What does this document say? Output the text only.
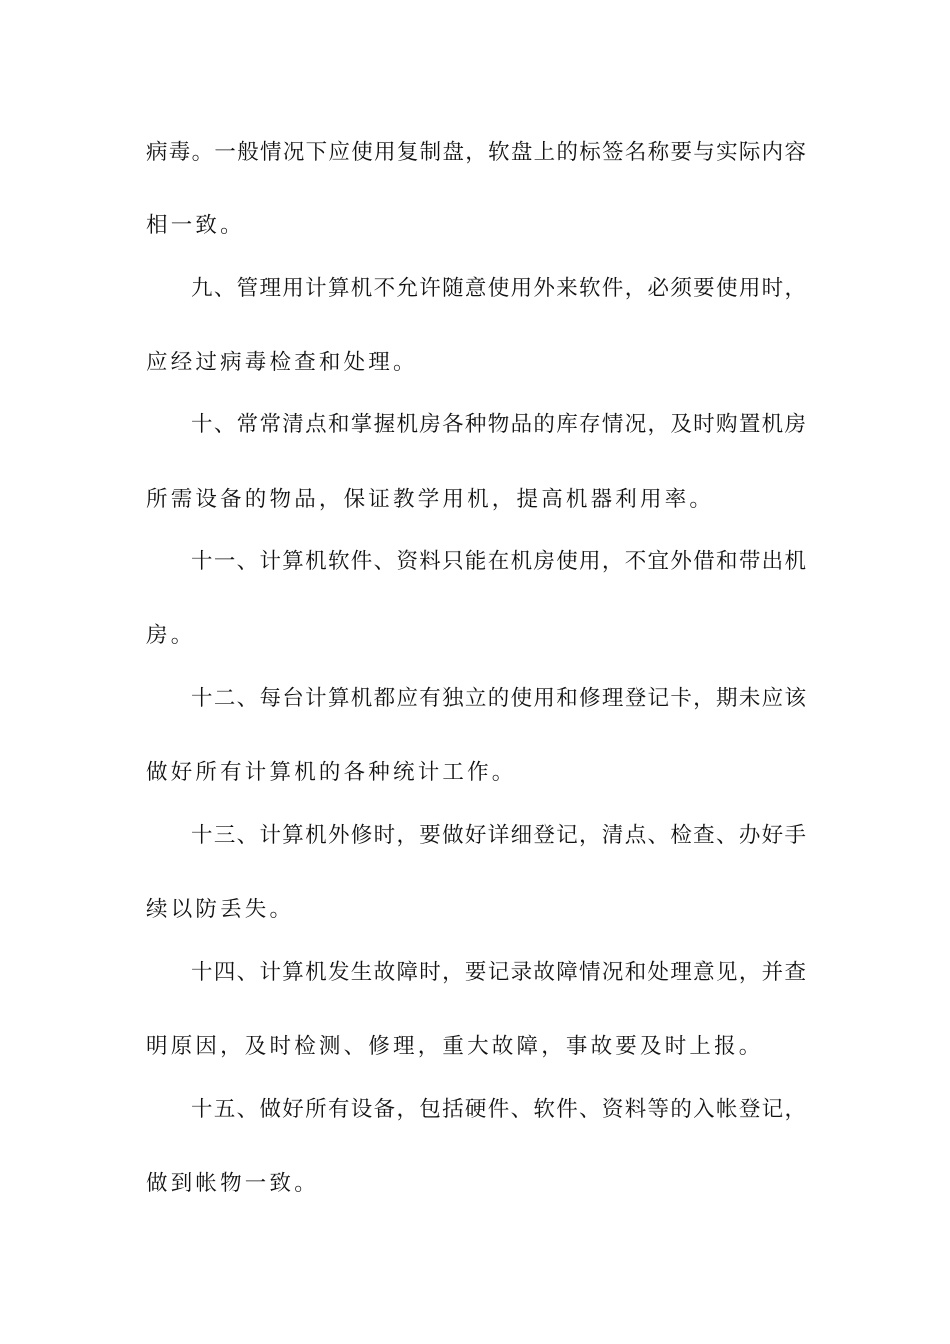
病毒。一般情况下应使用复制盘，软盘上的标签名称要与实际内容
相一致。
九、管理用计算机不允许随意使用外来软件，必须要使用时，
应经过病毒检查和处理。
十、常常清点和掌握机房各种物品的库存情况，及时购置机房
所需设备的物品，保证教学用机，提高机器利用率。
十一、计算机软件、资料只能在机房使用，不宜外借和带出机
房。
十二、每台计算机都应有独立的使用和修理登记卡，期未应该
做好所有计算机的各种统计工作。
十三、计算机外修时，要做好详细登记，清点、检查、办好手
续以防丢失。
十四、计算机发生故障时，要记录故障情况和处理意见，并查
明原因，及时检测、修理，重大故障，事故要及时上报。
十五、做好所有设备，包括硬件、软件、资料等的入帐登记，
做到帐物一致。
